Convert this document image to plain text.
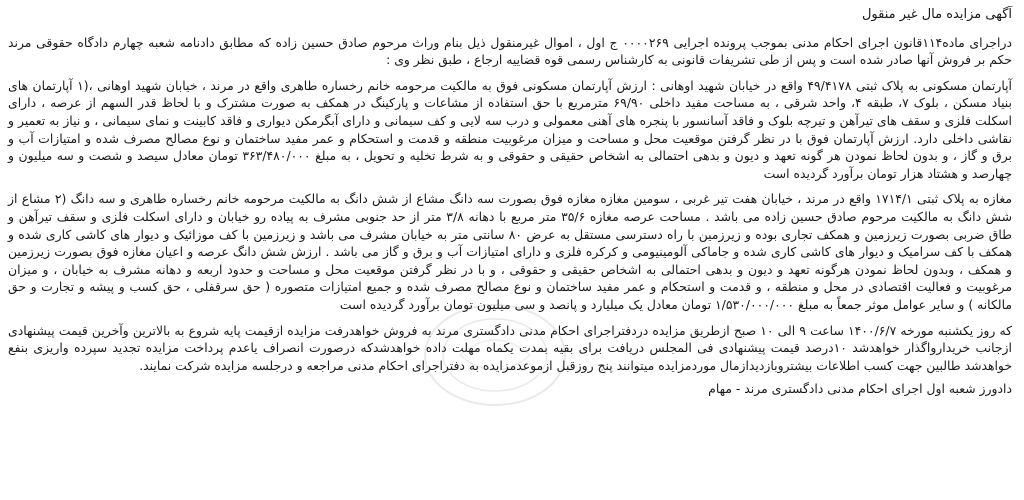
آگهی مزایده مال غیر منقول

دراجرای ماده۱۱۴قانون اجرای احکام مدنی بموجب پرونده اجرایی ۰۰۰۰۲۶۹ ج اول ، اموال غیرمنقول ذیل بنام وراث مرحوم صادق حسین زاده که مطابق دادنامه شعبه چهارم دادگاه حقوقی مرند حکم بر فروش آنها صادر شده است و پس از طی تشریفات قانونی به کارشناس رسمی قوه قضاییه ارجاع ، طبق نظر وی :

آپارتمان مسکونی به پلاک ثبتی ۴۹/۴۱۷۸ واقع در خیابان شهید اوهانی : ارزش آپارتمان مسکونی فوق به مالکیت مرحومه خانم رخساره طاهری واقع در مرند ، خیابان شهید اوهانی ،(۱ آپارتمان های بنیاد مسکن ، بلوک ۷، طبقه ۴، واحد شرقی ، به مساحت مفید داخلی ۶۹/۹۰ مترمربع با حق استفاده از مشاعات و پارکینگ در همکف به صورت مشترک و با لحاظ قدر السهم از عرصه ، دارای اسکلت فلزی و سقف های تیرآهن و تیرچه بلوک و فاقد آسانسور با پنجره های آهنی معمولی و درب سه لایی و کف سیمانی و دارای آبگرمکن دیواری و فاقد کابینت و نمای سیمانی ، و نیاز به تعمیر و نقاشی داخلی دارد. ارزش آپارتمان فوق با در نظر گرفتن موقعیت محل و مساحت و میزان مرغوبیت منطقه و قدمت و استحکام و عمر مفید ساختمان و نوع مصالح مصرف شده و امتیازات آب و برق و گاز ، و بدون لحاظ نمودن هر گونه تعهد و دیون و بدهی احتمالی به اشخاص حقیقی و حقوقی و به شرط تخلیه و تحویل ، به مبلغ ۳۶۳/۴۸۰/۰۰۰ تومان معادل سیصد و شصت و سه میلیون و چهارصد و هشتاد هزار تومان برآورد گردیده است

مغازه به پلاک ثبتی ۱۷۱۴/۱ واقع در مرند ، خیابان هفت تیر غربی ، سومین مغازه مغازه فوق بصورت سه دانگ مشاع از شش دانگ به مالکیت مرحومه خانم رخساره طاهری و سه دانگ (۲ مشاع از شش دانگ به مالکیت مرحوم صادق حسین زاده می باشد . مساحت عرصه مغازه ۳۵/۶ متر مربع با دهانه ۳/۸ متر از حد جنوبی مشرف به پیاده رو خیابان و دارای اسکلت فلزی و سقف تیرآهن و طاق ضربی بصورت زیرزمین و همکف تجاری بوده و زیرزمین با راه دسترسی مستقل به عرض ۸۰ سانتی متر به خیابان مشرف می باشد و زیرزمین با کف موزائیک و دیوار های کاشی کاری شده و همکف با کف سرامیک و دیوار های کاشی کاری شده و جاماکی آلومینیومی و کرکره فلزی و دارای امتیازات آب و برق و گاز می باشد . ارزش شش دانگ عرصه و اعیان مغازه فوق بصورت زیرزمین و همکف ، وبدون لحاظ نمودن هرگونه تعهد و دیون و بدهی احتمالی به اشخاص حقیقی و حقوقی ، و با در نظر گرفتن موقعیت محل و مساحت و حدود اربعه و دهانه مشرف به خیابان ، و میزان مرغوبیت و فعالیت اقتصادی در محل و منطقه ، و قدمت و استحکام و عمر مفید ساختمان و نوع مصالح مصرف شده و جمیع امتیازات متصوره ( حق سرقفلی ، حق کسب و پیشه و تجارت و حق مالکانه ) و سایر عوامل موثر جمعاً به مبلغ ۱/۵۳۰/۰۰۰/۰۰۰ تومان معادل یک میلیارد و پانصد و سی میلیون تومان برآورد گردیده است

که روز یکشنبه مورخه ۱۴۰۰/۶/۷ ساعت ۹ الی ۱۰ صبح ازطریق مزایده دردفتراجرای احکام مدنی دادگستری مرند به فروش خواهدرفت مزایده ازقیمت پایه شروع به بالاترین وآخرین قیمت پیشنهادی ازجانب خریداروا‌گذار خواهدشد ۱۰درصد قیمت پیشنهادی فی المجلس دریافت برای بقیه بمدت یکماه مهلت داده خواهدشدکه درصورت انصراف یاعدم پرداخت مزایده تجدید سپرده واریزی بنفع خواهدشد طالبین جهت کسب اطلاعات بیشتروبازدیدازمال موردمزایده میتوانند پنج روزقبل ازموعدمزایده به دفتراجرای احکام مدنی مراجعه و درجلسه مزایده شرکت نمایند.

دادورز شعبه اول اجرای احکام مدنی دادگستری مرند - مهام
